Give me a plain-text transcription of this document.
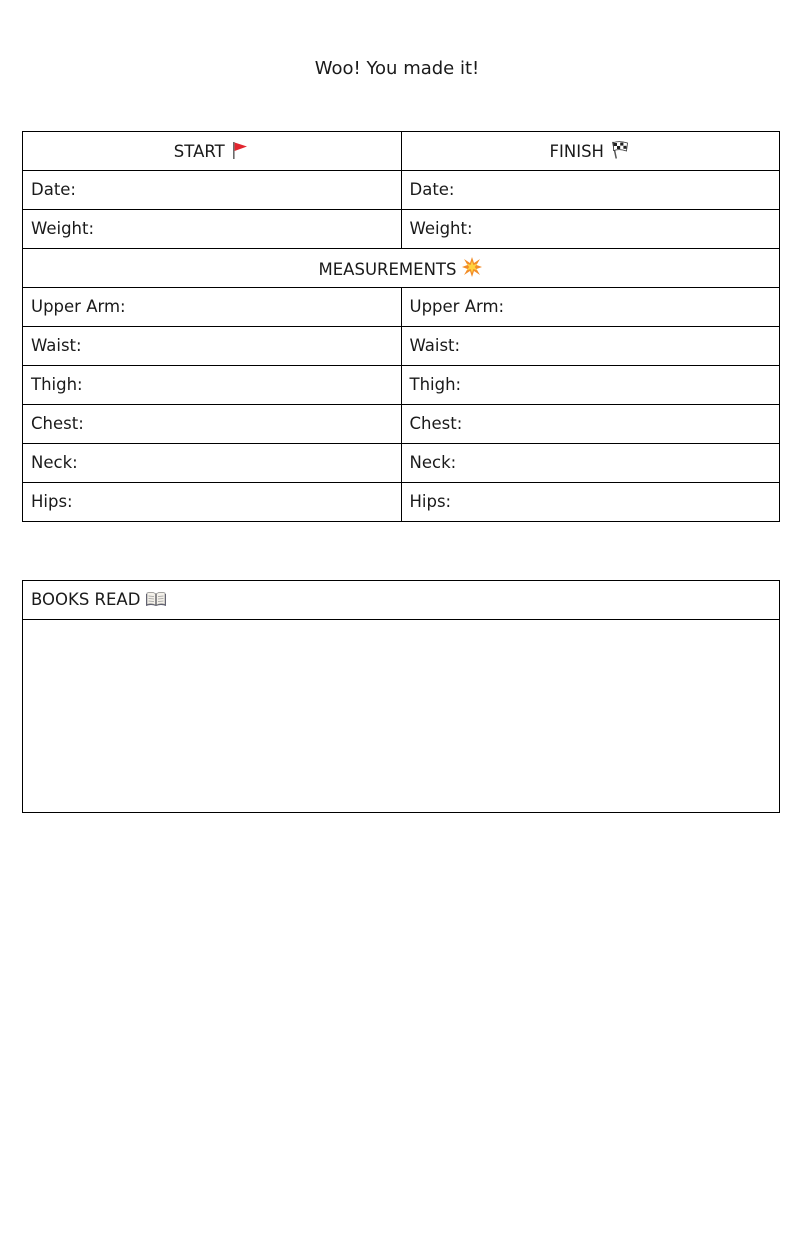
Woo! You made it!
START	FINISH

Date:	Date:
Weight:	Weight:
MEASUREMENTS	

Upper Arm:	Upper Arm:
Waist:	Waist:
Thigh:	Thigh:
Chest:	Chest:
Neck:	Neck:
Hips:	Hips:
BOOKS READ
